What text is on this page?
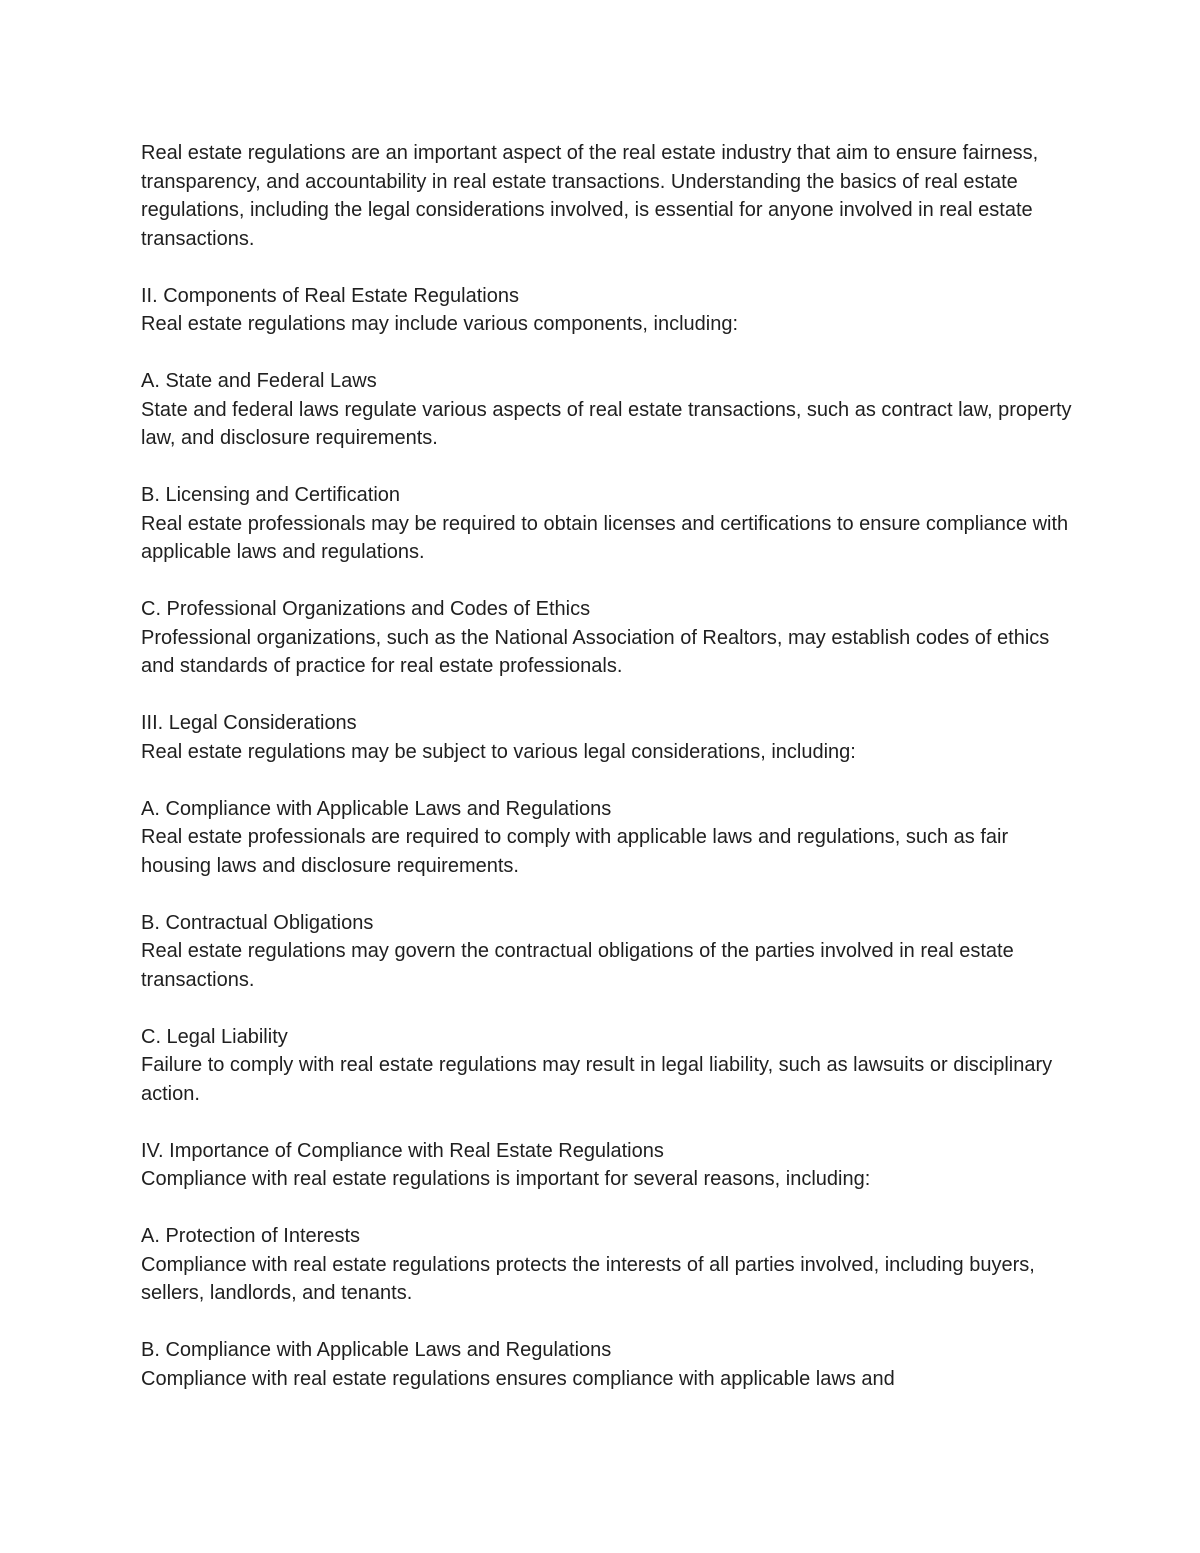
Real estate regulations are an important aspect of the real estate industry that aim to ensure fairness, transparency, and accountability in real estate transactions. Understanding the basics of real estate regulations, including the legal considerations involved, is essential for anyone involved in real estate transactions.

II. Components of Real Estate Regulations

Real estate regulations may include various components, including:

A. State and Federal Laws

State and federal laws regulate various aspects of real estate transactions, such as contract law, property law, and disclosure requirements.

B. Licensing and Certification

Real estate professionals may be required to obtain licenses and certifications to ensure compliance with applicable laws and regulations.

C. Professional Organizations and Codes of Ethics

Professional organizations, such as the National Association of Realtors, may establish codes of ethics and standards of practice for real estate professionals.

III. Legal Considerations

Real estate regulations may be subject to various legal considerations, including:

A. Compliance with Applicable Laws and Regulations

Real estate professionals are required to comply with applicable laws and regulations, such as fair housing laws and disclosure requirements.

B. Contractual Obligations

Real estate regulations may govern the contractual obligations of the parties involved in real estate transactions.

C. Legal Liability

Failure to comply with real estate regulations may result in legal liability, such as lawsuits or disciplinary action.

IV. Importance of Compliance with Real Estate Regulations

Compliance with real estate regulations is important for several reasons, including:

A. Protection of Interests

Compliance with real estate regulations protects the interests of all parties involved, including buyers, sellers, landlords, and tenants.

B. Compliance with Applicable Laws and Regulations

Compliance with real estate regulations ensures compliance with applicable laws and
